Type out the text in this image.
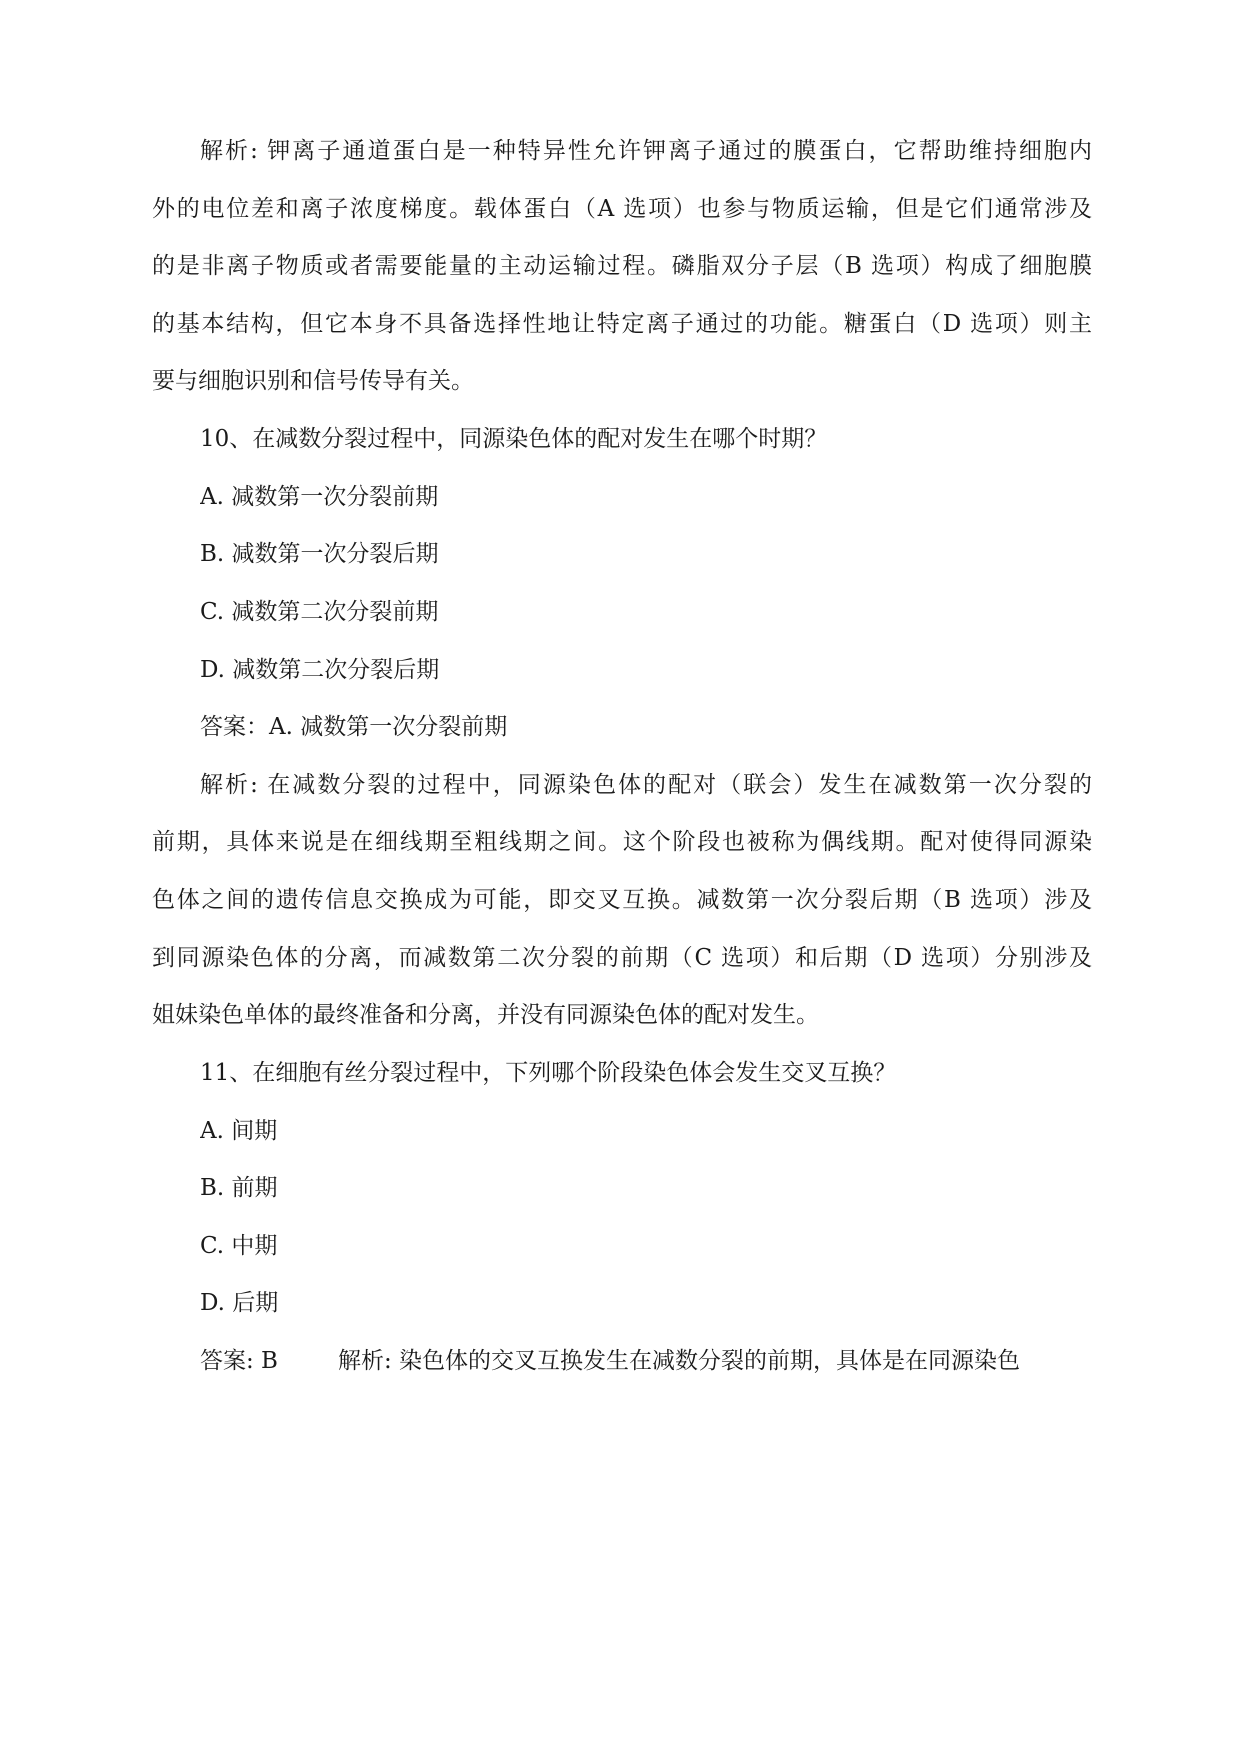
解析: 钾离子通道蛋白是一种特异性允许钾离子通过的膜蛋白，它帮助维持细胞内
外的电位差和离子浓度梯度。载体蛋白（A 选项）也参与物质运输，但是它们通常涉及
的是非离子物质或者需要能量的主动运输过程。磷脂双分子层（B 选项）构成了细胞膜
的基本结构，但它本身不具备选择性地让特定离子通过的功能。糖蛋白（D 选项）则主
要与细胞识别和信号传导有关。
10、在减数分裂过程中，同源染色体的配对发生在哪个时期？
A. 减数第一次分裂前期
B. 减数第一次分裂后期
C. 减数第二次分裂前期
D. 减数第二次分裂后期
答案：A. 减数第一次分裂前期
解析: 在减数分裂的过程中，同源染色体的配对（联会）发生在减数第一次分裂的
前期，具体来说是在细线期至粗线期之间。这个阶段也被称为偶线期。配对使得同源染
色体之间的遗传信息交换成为可能，即交叉互换。减数第一次分裂后期（B 选项）涉及
到同源染色体的分离，而减数第二次分裂的前期（C 选项）和后期（D 选项）分别涉及
姐妹染色单体的最终准备和分离，并没有同源染色体的配对发生。
11、在细胞有丝分裂过程中，下列哪个阶段染色体会发生交叉互换？
A. 间期
B. 前期
C. 中期
D. 后期
答案: B	解析: 染色体的交叉互换发生在减数分裂的前期，具体是在同源染色
